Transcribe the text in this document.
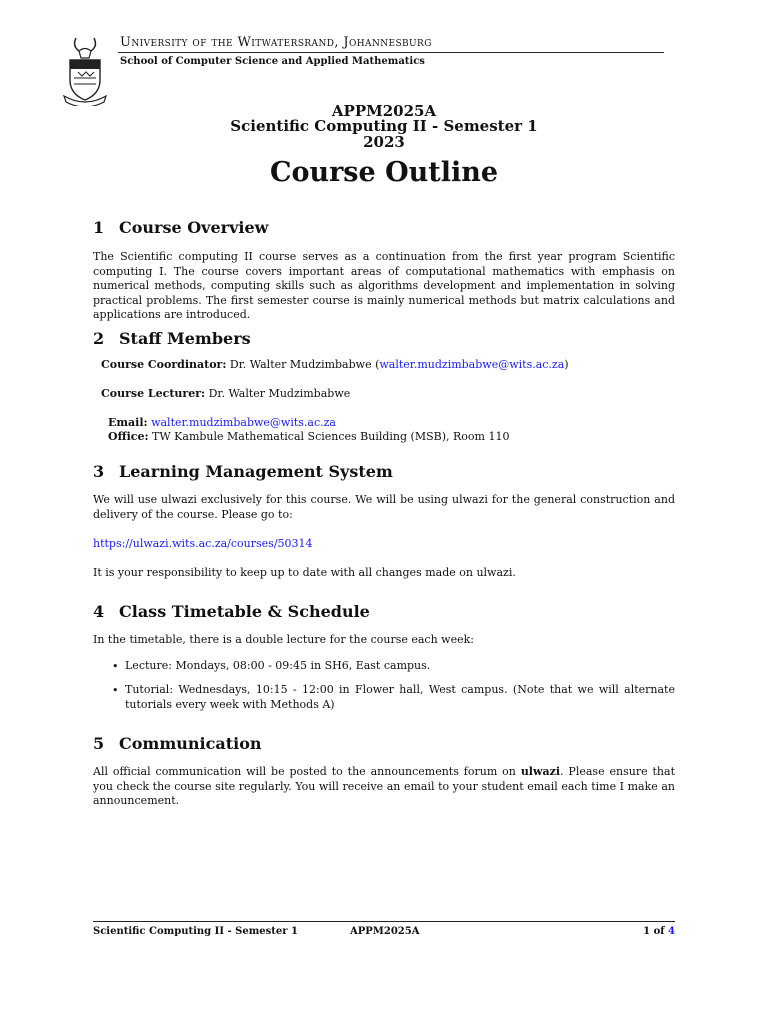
University of the Witwatersrand, Johannesburg
School of Computer Science and Applied Mathematics
APPM2025A
Scientific Computing II - Semester 1
2023
Course Outline
1 Course Overview
The Scientific computing II course serves as a continuation from the first year program Scientific computing I. The course covers important areas of computational mathematics with emphasis on numerical methods, computing skills such as algorithms development and implementation in solving practical problems. The first semester course is mainly numerical methods but matrix calculations and applications are introduced.
2 Staff Members
Course Coordinator: Dr. Walter Mudzimbabwe (walter.mudzimbabwe@wits.ac.za)
Course Lecturer: Dr. Walter Mudzimbabwe
Email: walter.mudzimbabwe@wits.ac.za
Office: TW Kambule Mathematical Sciences Building (MSB), Room 110
3 Learning Management System
We will use ulwazi exclusively for this course. We will be using ulwazi for the general construction and delivery of the course. Please go to:
https://ulwazi.wits.ac.za/courses/50314
It is your responsibility to keep up to date with all changes made on ulwazi.
4 Class Timetable & Schedule
In the timetable, there is a double lecture for the course each week:
• Lecture: Mondays, 08:00 - 09:45 in SH6, East campus.
• Tutorial: Wednesdays, 10:15 - 12:00 in Flower hall, West campus. (Note that we will alternate tutorials every week with Methods A)
5 Communication
All official communication will be posted to the announcements forum on ulwazi. Please ensure that you check the course site regularly. You will receive an email to your student email each time I make an announcement.
Scientific Computing II - Semester 1	APPM2025A	1 of 4
